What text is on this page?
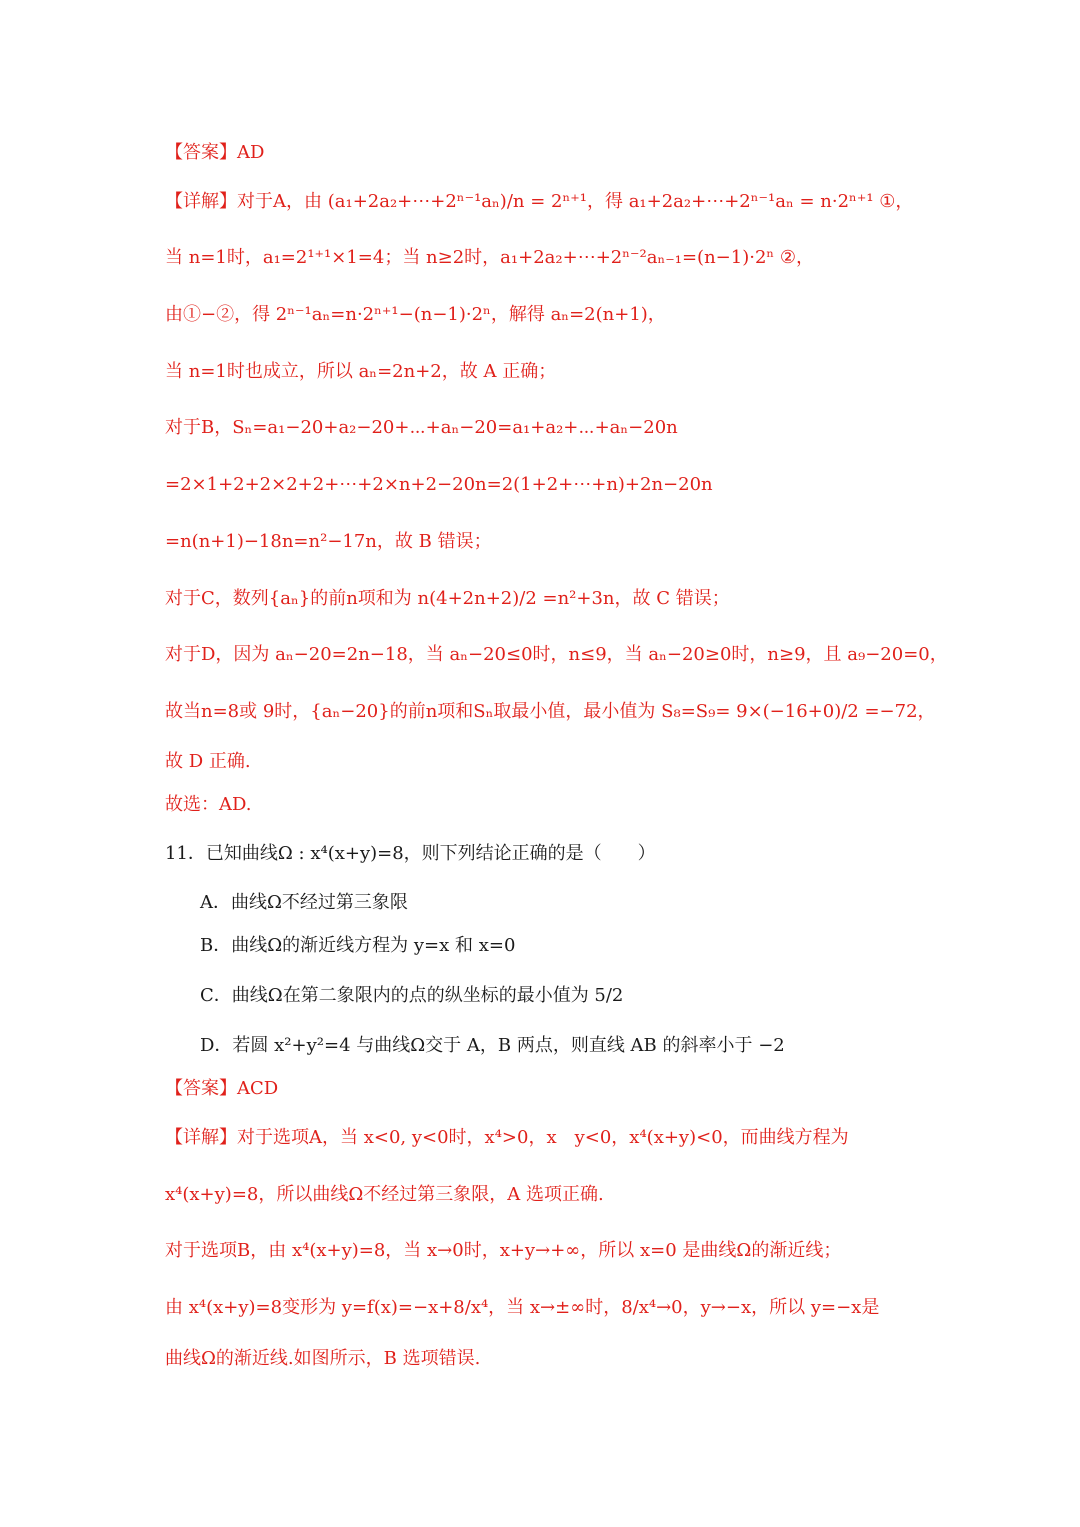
【答案】AD
【详解】对于A，由 (a₁+2a₂+⋯+2ⁿ⁻¹aₙ)/n = 2ⁿ⁺¹，得 a₁+2a₂+⋯+2ⁿ⁻¹aₙ = n·2ⁿ⁺¹ ①，
当 n=1时，a₁=2¹⁺¹×1=4；当 n≥2时，a₁+2a₂+⋯+2ⁿ⁻²aₙ₋₁=(n−1)·2ⁿ ②，
由①−②，得 2ⁿ⁻¹aₙ=n·2ⁿ⁺¹−(n−1)·2ⁿ，解得 aₙ=2(n+1)，
当 n=1时也成立，所以 aₙ=2n+2，故 A 正确；
对于B，Sₙ=a₁−20+a₂−20+⋯+aₙ−20=a₁+a₂+⋯+aₙ−20n
=2×1+2+2×2+2+⋯+2×n+2−20n=2(1+2+⋯+n)+2n−20n
=n(n+1)−18n=n²−17n，故 B 错误；
对于C，数列{aₙ}的前n项和为 n(4+2n+2)/2 =n²+3n，故 C 错误；
对于D，因为 aₙ−20=2n−18，当 aₙ−20≤0时，n≤9，当 aₙ−20≥0时，n≥9，且 a₉−20=0，
故当n=8或 9时，{aₙ−20}的前n项和Sₙ取最小值，最小值为 S₈=S₉= 9×(−16+0)/2 =−72，
故 D 正确.
故选：AD.
11．已知曲线Ω : x⁴(x+y)=8，则下列结论正确的是（　　）
A．曲线Ω不经过第三象限
B．曲线Ω的渐近线方程为 y=x 和 x=0
C．曲线Ω在第二象限内的点的纵坐标的最小值为 5/2
D．若圆 x²+y²=4 与曲线Ω交于 A，B 两点，则直线 AB 的斜率小于 −2
【答案】ACD
【详解】对于选项A，当 x<0, y<0时，x⁴>0，x　y<0，x⁴(x+y)<0，而曲线方程为
x⁴(x+y)=8，所以曲线Ω不经过第三象限，A 选项正确.
对于选项B，由 x⁴(x+y)=8，当 x→0时，x+y→+∞，所以 x=0 是曲线Ω的渐近线；
由 x⁴(x+y)=8变形为 y=f(x)=−x+8/x⁴，当 x→±∞时，8/x⁴→0，y→−x，所以 y=−x是
曲线Ω的渐近线.如图所示，B 选项错误.
